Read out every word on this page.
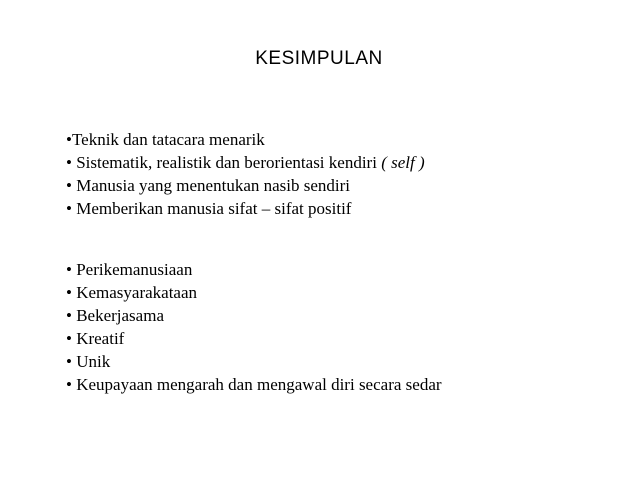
KESIMPULAN
•Teknik dan tatacara menarik
• Sistematik, realistik dan berorientasi kendiri ( self )
• Manusia yang menentukan nasib sendiri
• Memberikan manusia sifat – sifat positif
• Perikemanusiaan
• Kemasyarakataan
• Bekerjasama
• Kreatif
• Unik
• Keupayaan mengarah dan mengawal diri secara sedar
